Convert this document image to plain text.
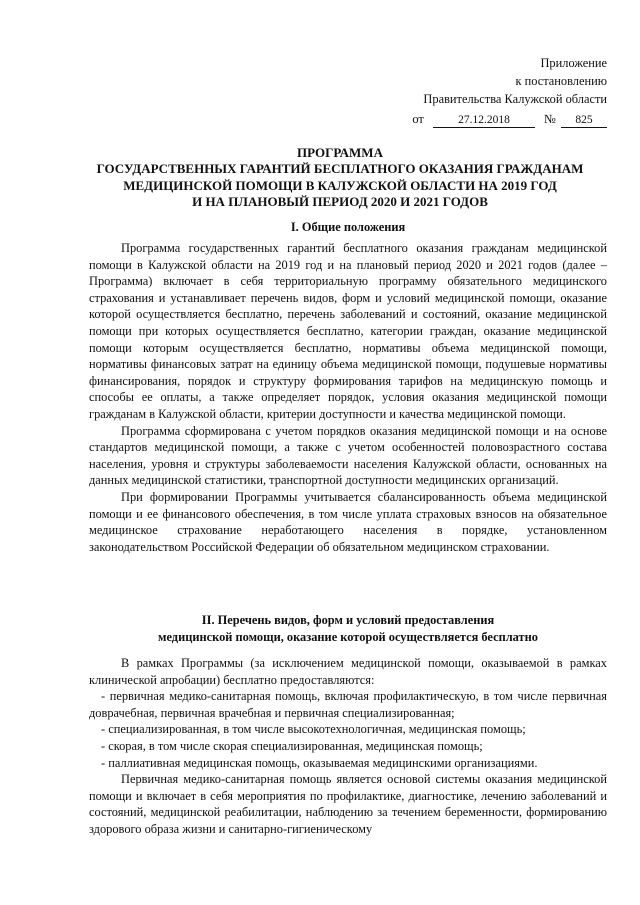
Приложение
к постановлению
Правительства Калужской области
от	27.12.2018	№ 825
ПРОГРАММА
ГОСУДАРСТВЕННЫХ ГАРАНТИЙ БЕСПЛАТНОГО ОКАЗАНИЯ ГРАЖДАНАМ
МЕДИЦИНСКОЙ ПОМОЩИ В КАЛУЖСКОЙ ОБЛАСТИ НА 2019 ГОД
И НА ПЛАНОВЫЙ ПЕРИОД 2020 И 2021 ГОДОВ
I. Общие положения

Программа государственных гарантий бесплатного оказания гражданам медицинской помощи в Калужской области на 2019 год и на плановый период 2020 и 2021 годов (далее – Программа) включает в себя территориальную программу обязательного медицинского страхования и устанавливает перечень видов, форм и условий медицинской помощи, оказание которой осуществляется бесплатно, перечень заболеваний и состояний, оказание медицинской помощи при которых осуществляется бесплатно, категории граждан, оказание медицинской помощи которым осуществляется бесплатно, нормативы объема медицинской помощи, нормативы финансовых затрат на единицу объема медицинской помощи, подушевые нормативы финансирования, порядок и структуру формирования тарифов на медицинскую помощь и способы ее оплаты, а также определяет порядок, условия оказания медицинской помощи гражданам в Калужской области, критерии доступности и качества медицинской помощи.

Программа сформирована с учетом порядков оказания медицинской помощи и на основе стандартов медицинской помощи, а также с учетом особенностей половозрастного состава населения, уровня и структуры заболеваемости населения Калужской области, основанных на данных медицинской статистики, транспортной доступности медицинских организаций.

При формировании Программы учитывается сбалансированность объема медицинской помощи и ее финансового обеспечения, в том числе уплата страховых взносов на обязательное медицинское страхование неработающего населения в порядке, установленном законодательством Российской Федерации об обязательном медицинском страховании.

II. Перечень видов, форм и условий предоставления
медицинской помощи, оказание которой осуществляется бесплатно

В рамках Программы (за исключением медицинской помощи, оказываемой в рамках клинической апробации) бесплатно предоставляются:

- первичная медико-санитарная помощь, включая профилактическую, в том числе первичная доврачебная, первичная врачебная и первичная специализированная;
- специализированная, в том числе высокотехнологичная, медицинская помощь;
- скорая, в том числе скорая специализированная, медицинская помощь;
- паллиативная медицинская помощь, оказываемая медицинскими организациями.

Первичная медико-санитарная помощь является основой системы оказания медицинской помощи и включает в себя мероприятия по профилактике, диагностике, лечению заболеваний и состояний, медицинской реабилитации, наблюдению за течением беременности, формированию здорового образа жизни и санитарно-гигиеническому
